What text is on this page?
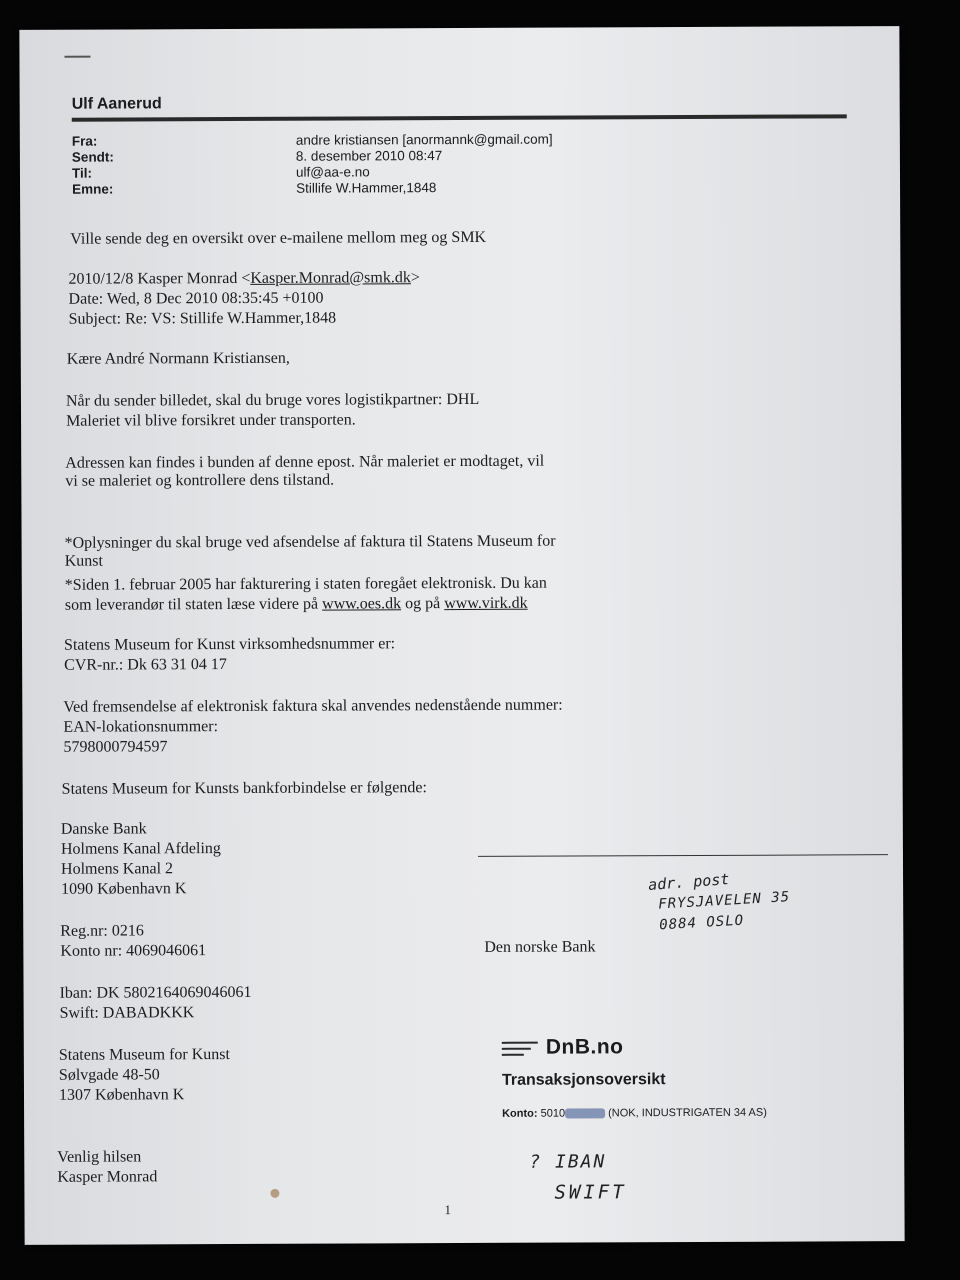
Ulf Aanerud
Fra:	andre kristiansen [anormannk@gmail.com]
Sendt:	8. desember 2010 08:47
Til:	ulf@aa-e.no
Emne:	Stillife W.Hammer,1848
Ville sende deg en oversikt over e-mailene mellom meg og SMK
2010/12/8 Kasper Monrad <Kasper.Monrad@smk.dk>
Date: Wed, 8 Dec 2010 08:35:45 +0100
Subject: Re: VS: Stillife W.Hammer,1848
Kære André Normann Kristiansen,
Når du sender billedet, skal du bruge vores logistikpartner: DHL
Maleriet vil blive forsikret under transporten.
Adressen kan findes i bunden af denne epost. Når maleriet er modtaget, vil
vi se maleriet og kontrollere dens tilstand.
*Oplysninger du skal bruge ved afsendelse af faktura til Statens Museum for
Kunst
*Siden 1. februar 2005 har fakturering i staten foregået elektronisk. Du kan
som leverandør til staten læse videre på www.oes.dk og på www.virk.dk
Statens Museum for Kunst virksomhedsnummer er:
CVR-nr.: Dk 63 31 04 17
Ved fremsendelse af elektronisk faktura skal anvendes nedenstående nummer:
EAN-lokationsnummer:
5798000794597
Statens Museum for Kunsts bankforbindelse er følgende:
Danske Bank
Holmens Kanal Afdeling
Holmens Kanal 2
1090 København K
Reg.nr: 0216
Konto nr: 4069046061
Iban: DK 5802164069046061
Swift: DABADKKK
Statens Museum for Kunst
Sølvgade 48-50
1307 København K
Venlig hilsen
Kasper Monrad
adr. post
FRYSJAVELEN 35
0884 OSLO
Den norske Bank
DnB.no
Transaksjonsoversikt
Konto: 5010	(NOK, INDUSTRIGATEN 34 AS)
? IBAN
SWIFT
1
